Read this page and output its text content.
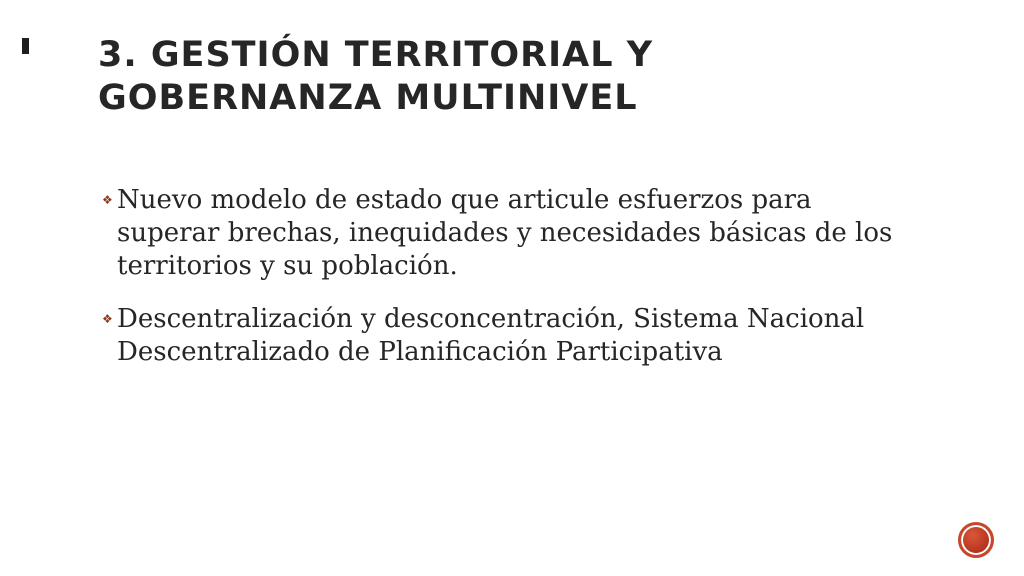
3. GESTIÓN TERRITORIAL Y GOBERNANZA MULTINIVEL
❖ Nuevo modelo de estado que articule esfuerzos para superar brechas, inequidades y necesidades básicas de los territorios y su población.
❖ Descentralización y desconcentración, Sistema Nacional Descentralizado de Planificación Participativa
